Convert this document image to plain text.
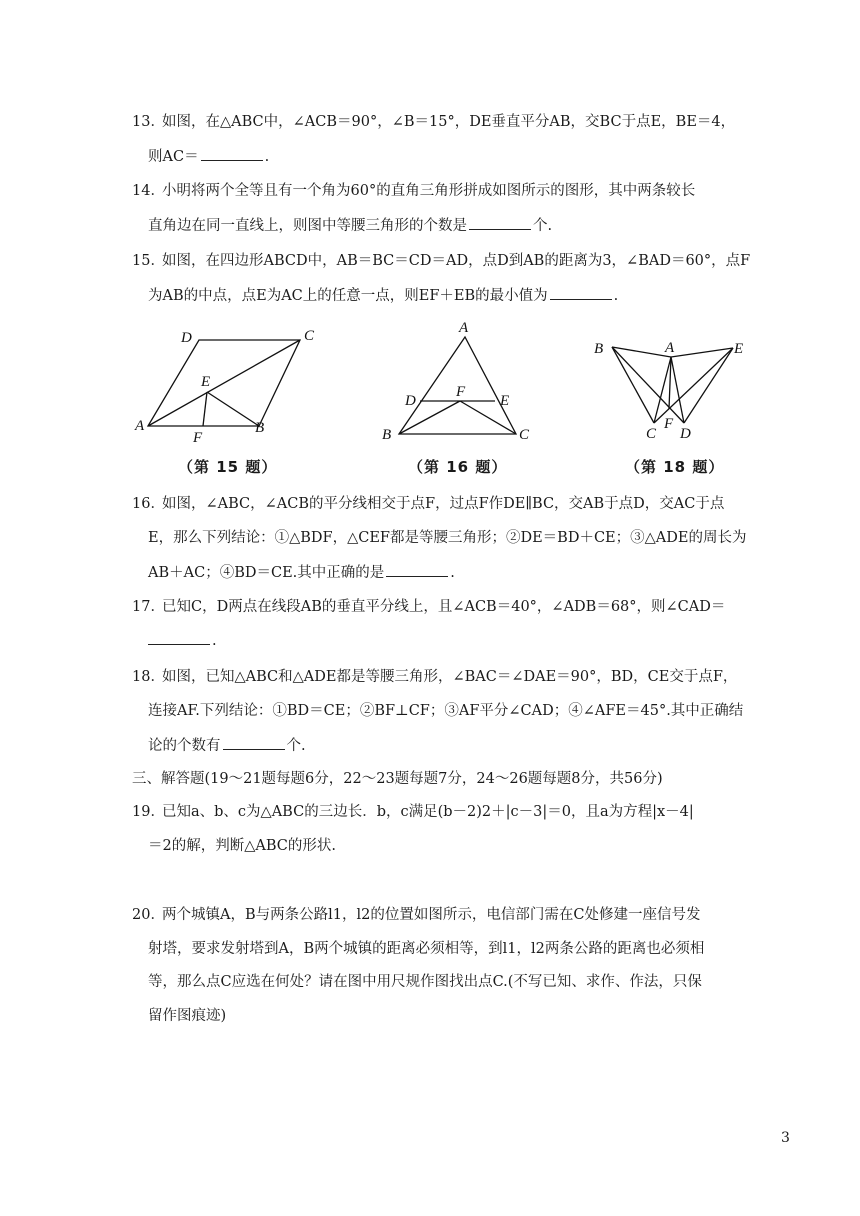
13．
如图，在△ABC中，∠ACB＝90°，∠B＝15°，DE垂直平分AB，交BC于点E，BE＝4，
则AC＝	.
14．
小明将两个全等且有一个角为60°的直角三角形拼成如图所示的图形，其中两条较长
直角边在同一直线上，则图中等腰三角形的个数是	个.
15．
如图，在四边形ABCD中，AB＝BC＝CD＝AD，点D到AB的距离为3，∠BAD＝60°，点F
为AB的中点，点E为AC上的任意一点，则EF＋EB的最小值为	.
D	C
E
A
F
B
（第 15 题）
A
D
F
E
B	C
（第 16 题）
B	A	E
C
F
D
（第 18 题）
16．
如图，∠ABC，∠ACB的平分线相交于点F，过点F作DE∥BC，交AB于点D，交AC于点
E，那么下列结论：①△BDF，△CEF都是等腰三角形；②DE＝BD＋CE；③△ADE的周长为
AB＋AC；④BD＝CE.其中正确的是	.
17．
已知C，D两点在线段AB的垂直平分线上，且∠ACB＝40°，∠ADB＝68°，则∠CAD＝
.
18．
如图，已知△ABC和△ADE都是等腰三角形，∠BAC＝∠DAE＝90°，BD，CE交于点F，
连接AF.下列结论：①BD＝CE；②BF⊥CF；③AF平分∠CAD；④∠AFE＝45°.其中正确结
论的个数有	个.
三、解答题(19～21题每题6分，22～23题每题7分，24～26题每题8分，共56分)
19．
已知a、b、c为△ABC的三边长．b，c满足(b－2)2＋|c－3|＝0，且a为方程|x－4|
＝2的解，判断△ABC的形状.
20．
两个城镇A，B与两条公路l1，l2的位置如图所示，电信部门需在C处修建一座信号发
射塔，要求发射塔到A，B两个城镇的距离必须相等，到l1，l2两条公路的距离也必须相
等，那么点C应选在何处？请在图中用尺规作图找出点C.(不写已知、求作、作法，只保
留作图痕迹)
3
